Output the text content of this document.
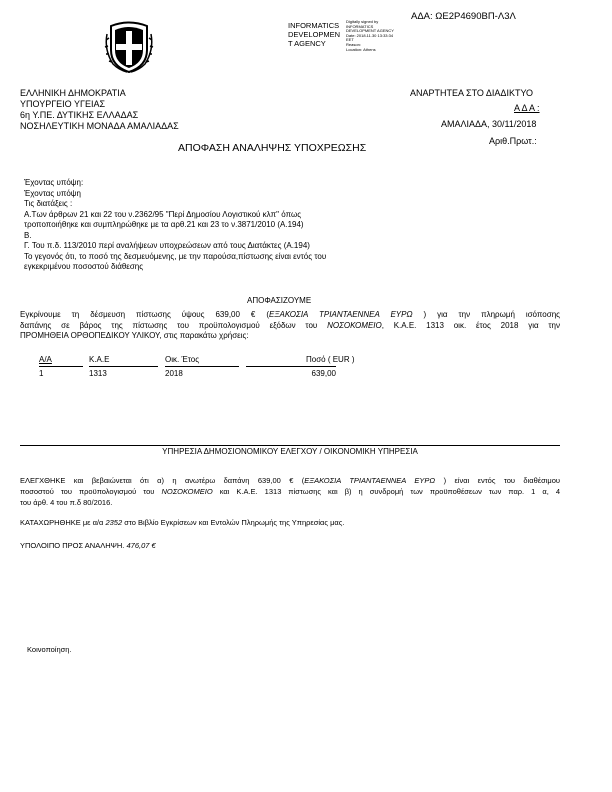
ΑΔΑ: ΩΕ2Ρ4690ΒΠ-Λ3Λ
INFORMATICS
DEVELOPMEN
T AGENCY
Digitally signed by
INFORMATICS
DEVELOPMENT AGENCY
Date: 2018.11.30 13:33:34
EET
Reason:
Location: Athens
ΕΛΛΗΝΙΚΗ ΔΗΜΟΚΡΑΤΙΑ
ΥΠΟΥΡΓΕΙΟ ΥΓΕΙΑΣ
6η Υ.ΠΕ. ΔΥΤΙΚΗΣ ΕΛΛΑΔΑΣ
ΝΟΣΗΛΕΥΤΙΚΗ ΜΟΝΑΔΑ ΑΜΑΛΙΑΔΑΣ
ΑΝΑΡΤΗΤΕΑ ΣΤΟ ΔΙΑΔΙΚΤΥΟ
Α Δ Α :
ΑΜΑΛΙΑΔΑ, 30/11/2018
Αριθ.Πρωτ.:
ΑΠΟΦΑΣΗ ΑΝΑΛΗΨΗΣ ΥΠΟΧΡΕΩΣΗΣ
Έχοντας υπόψη:
Έχοντας υπόψη
Τις διατάξεις :
Α.Των άρθρων 21 και 22 του ν.2362/95 "Περί Δημοσίου Λογιστικού κλπ" όπως
τροποποιήθηκε και συμπληρώθηκε με τα αρθ.21 και 23 το ν.3871/2010 (Α.194)
Β.
Γ. Του π.δ. 113/2010 περί αναλήψεων υποχρεώσεων από τους Διατάκτες (Α.194)
Το γεγονός ότι, το ποσό της δεσμευόμενης, με την παρούσα,πίστωσης είναι εντός του
εγκεκριμένου ποσοστού διάθεσης
ΑΠΟΦΑΣΙΖΟΥΜΕ
Εγκρίνουμε τη δέσμευση πίστωσης ύψους 639,00 € (ΕΞΑΚΟΣΙΑ ΤΡΙΑΝΤΑΕΝΝΕΑ ΕΥΡΩ ) για την πληρωμή ισόποσης
δαπάνης σε βάρος της πίστωσης του προϋπολογισμού εξόδων του ΝΟΣΟΚΟΜΕΙΟ, Κ.Α.Ε. 1313 οικ. έτος 2018 για την
ΠΡΟΜΗΘΕΙΑ ΟΡΘΟΠΕΔΙΚΟΥ ΥΛΙΚΟΥ, στις παρακάτω χρήσεις:
Α/Α	Κ.Α.Ε	Οικ. Έτος	Ποσό ( EUR )
1	1313	2018	639,00
ΥΠΗΡΕΣΙΑ ΔΗΜΟΣΙΟΝΟΜΙΚΟΥ ΕΛΕΓΧΟΥ / ΟΙΚΟΝΟΜΙΚΗ ΥΠΗΡΕΣΙΑ
ΕΛΕΓΧΘΗΚΕ και βεβαιώνεται ότι α) η ανωτέρω δαπάνη 639,00 € (ΕΞΑΚΟΣΙΑ ΤΡΙΑΝΤΑΕΝΝΕΑ ΕΥΡΩ ) είναι εντός του διαθέσιμου
ποσοστού του προϋπολογισμού του ΝΟΣΟΚΟΜΕΙΟ και Κ.Α.Ε. 1313 πίστωσης και β) η συνδρομή των προϋποθέσεων των παρ. 1 α, 4
του άρθ. 4 του π.δ 80/2016.
ΚΑΤΑΧΩΡΗΘΗΚΕ με α/α 2352 στο Βιβλίο Εγκρίσεων και Εντολών Πληρωμής της Υπηρεσίας μας.
ΥΠΟΛΟΙΠΟ ΠΡΟΣ ΑΝΑΛΗΨΗ. 476,07 €
Κοινοποίηση.
